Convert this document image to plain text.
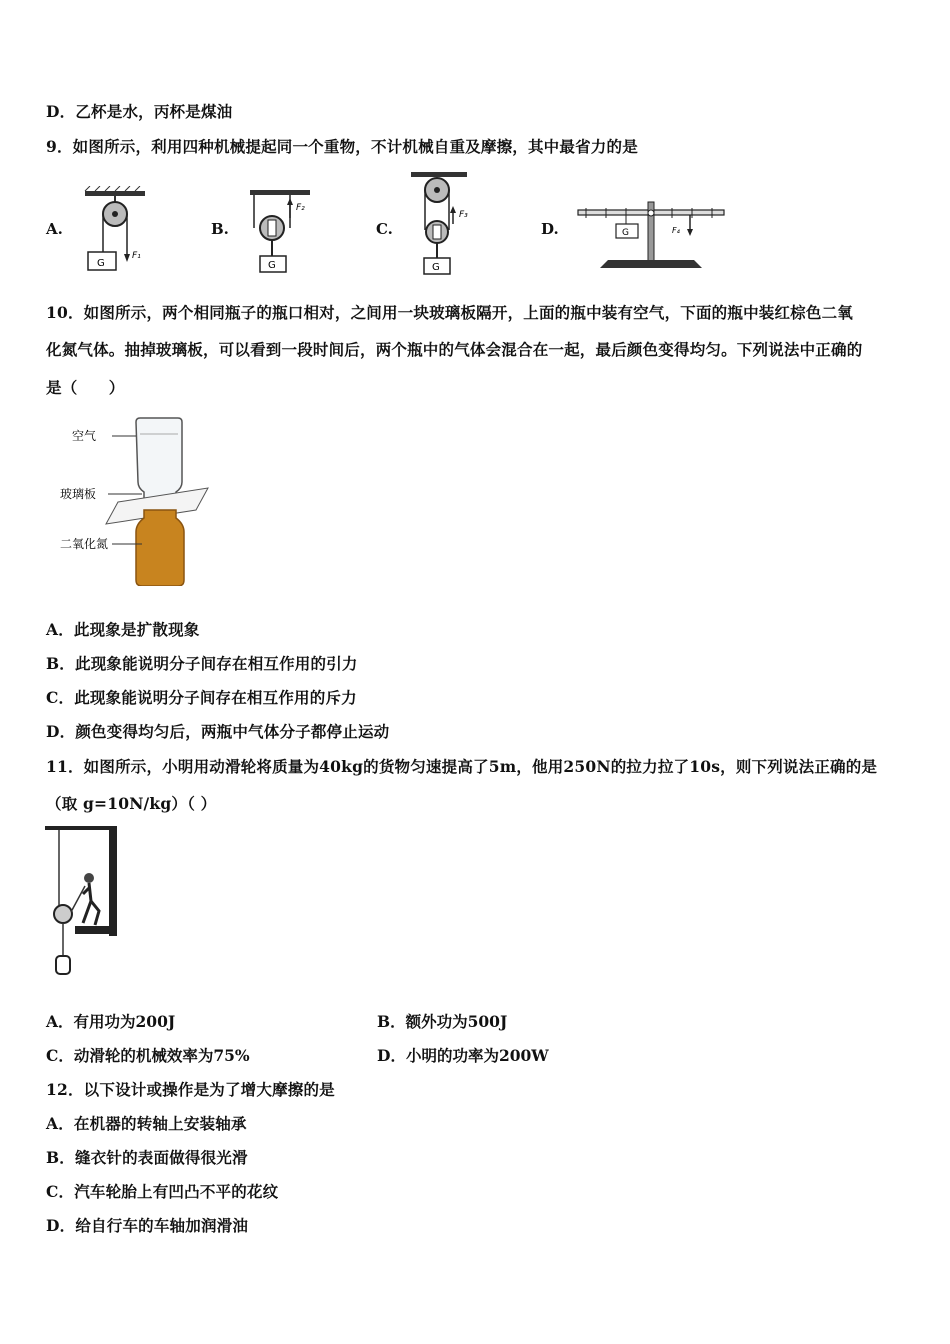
D．乙杯是水，丙杯是煤油
9．如图所示，利用四种机械提起同一个重物，不计机械自重及摩擦，其中最省力的是
A.
G
F₁
B.
G
F₂
C.
G
F₃
D.	G	F₄
10．如图所示，两个相同瓶子的瓶口相对，之间用一块玻璃板隔开，上面的瓶中装有空气，下面的瓶中装红棕色二氧
化氮气体。抽掉玻璃板，可以看到一段时间后，两个瓶中的气体会混合在一起，最后颜色变得均匀。下列说法中正确的
是（　　）
空气
玻璃板
二氧化氮
A．此现象是扩散现象
B．此现象能说明分子间存在相互作用的引力
C．此现象能说明分子间存在相互作用的斥力
D．颜色变得均匀后，两瓶中气体分子都停止运动
11．如图所示，小明用动滑轮将质量为40kg的货物匀速提高了5m，他用250N的拉力拉了10s，则下列说法正确的是
（取 g=10N/kg）（ ）
A．有用功为200J	B．额外功为500J
C．动滑轮的机械效率为75%	D．小明的功率为200W
12．以下设计或操作是为了增大摩擦的是
A．在机器的转轴上安装轴承
B．缝衣针的表面做得很光滑
C．汽车轮胎上有凹凸不平的花纹
D．给自行车的车轴加润滑油
